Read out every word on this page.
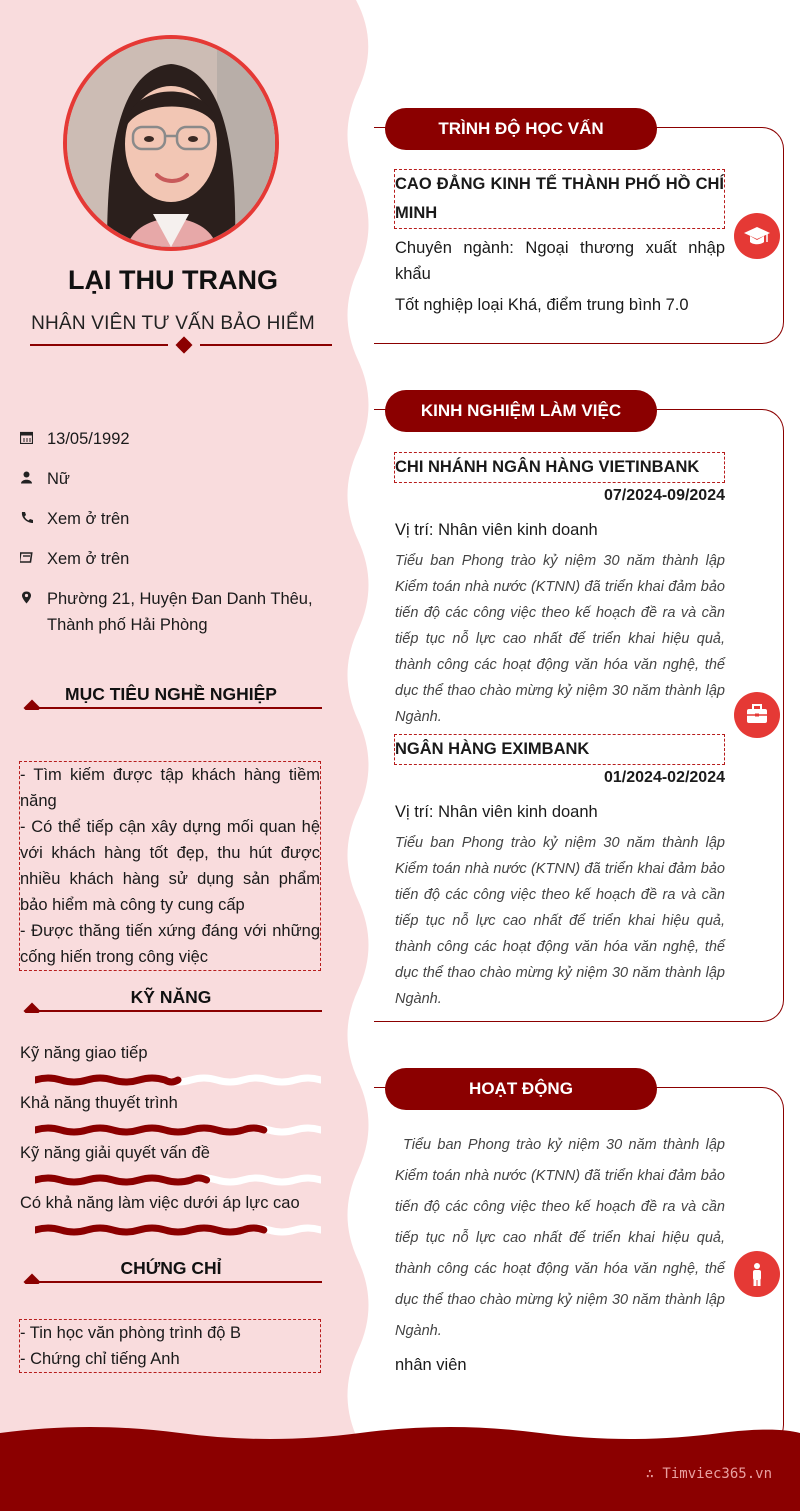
LẠI THU TRANG
NHÂN VIÊN TƯ VẤN BẢO HIỂM
13/05/1992
Nữ
Xem ở trên
Xem ở trên
Phường 21, Huyện Đan Danh Thêu, Thành phố Hải Phòng
MỤC TIÊU NGHỀ NGHIỆP
- Tìm kiếm được tập khách hàng tiềm năng
- Có thể tiếp cận xây dựng mối quan hệ với khách hàng tốt đẹp, thu hút được nhiều khách hàng sử dụng sản phẩm bảo hiểm mà công ty cung cấp
- Được thăng tiến xứng đáng với những cống hiến trong công việc
KỸ NĂNG
Kỹ năng giao tiếp
Khả năng thuyết trình
Kỹ năng giải quyết vấn đề
Có khả năng làm việc dưới áp lực cao
CHỨNG CHỈ
- Tin học văn phòng trình độ B
- Chứng chỉ tiếng Anh
TRÌNH ĐỘ HỌC VẤN
CAO ĐẲNG KINH TẾ THÀNH PHỐ HỒ CHÍ MINH
Chuyên ngành: Ngoại thương xuất nhập khẩu
Tốt nghiệp loại Khá, điểm trung bình 7.0
KINH NGHIỆM LÀM VIỆC
CHI NHÁNH NGÂN HÀNG VIETINBANK
07/2024-09/2024
Vị trí: Nhân viên kinh doanh
Tiểu ban Phong trào kỷ niệm 30 năm thành lập Kiểm toán nhà nước (KTNN) đã triển khai đảm bảo tiến độ các công việc theo kế hoạch đề ra và cần tiếp tục nỗ lực cao nhất để triển khai hiệu quả, thành công các hoạt động văn hóa văn nghệ, thể dục thể thao chào mừng kỷ niệm 30 năm thành lập Ngành.
NGÂN HÀNG EXIMBANK
01/2024-02/2024
Vị trí: Nhân viên kinh doanh
Tiểu ban Phong trào kỷ niệm 30 năm thành lập Kiểm toán nhà nước (KTNN) đã triển khai đảm bảo tiến độ các công việc theo kế hoạch đề ra và cần tiếp tục nỗ lực cao nhất để triển khai hiệu quả, thành công các hoạt động văn hóa văn nghệ, thể dục thể thao chào mừng kỷ niệm 30 năm thành lập Ngành.
HOẠT ĐỘNG
Tiểu ban Phong trào kỷ niệm 30 năm thành lập Kiểm toán nhà nước (KTNN) đã triển khai đảm bảo tiến độ các công việc theo kế hoạch đề ra và cần tiếp tục nỗ lực cao nhất để triển khai hiệu quả, thành công các hoạt động văn hóa văn nghệ, thể dục thể thao chào mừng kỷ niệm 30 năm thành lập Ngành.
nhân viên
∴ Timviec365.vn
